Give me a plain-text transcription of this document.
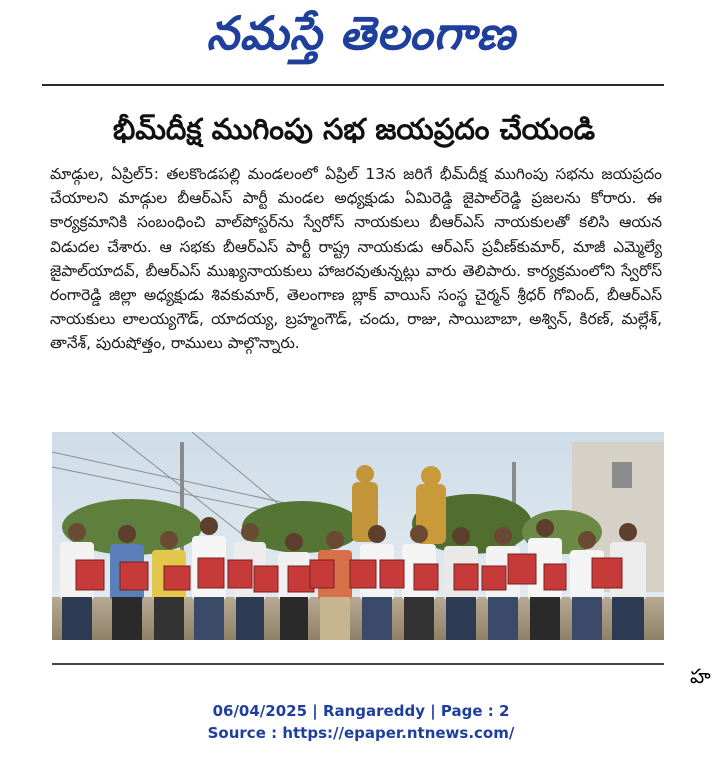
నమస్తే తెలంగాణ
భీమ్‌దీక్ష ముగింపు సభ జయప్రదం చేయండి
మాడ్గుల, ఏప్రిల్‌5: తలకొండపల్లి మండలంలో ఏప్రిల్‌ 13న జరిగే భీమ్‌దీక్ష ముగింపు సభను జయప్రదం చేయాలని మాడ్గుల బీఆర్‌ఎస్‌ పార్టీ మండల అధ్యక్షుడు ఏమిరెడ్డి జైపాల్‌రెడ్డి ప్రజలను కోరారు. ఈ కార్యక్రమానికి సంబంధించి వాల్‌పోస్టర్‌ను స్వేరోస్‌ నాయకులు బీఆర్‌ఎస్‌ నాయకులతో కలిసి ఆయన విడుదల చేశారు. ఆ సభకు బీఆర్‌ఎస్‌ పార్టీ రాష్ట్ర నాయకుడు ఆర్‌ఎస్‌ ప్రవీణ్‌కుమార్‌, మాజీ ఎమ్మెల్యే జైపాల్‌యాదవ్‌, బీఆర్‌ఎస్‌ ముఖ్యనాయకులు హాజరవుతున్నట్లు వారు తెలిపారు. కార్యక్రమంలోని స్వేరోస్‌ రంగారెడ్డి జిల్లా అధ్యక్షుడు శివకుమార్‌, తెలంగాణ బ్లాక్‌ వాయిస్‌ సంస్థ చైర్మన్‌ శ్రీధర్‌ గోవింద్‌, బీఆర్‌ఎస్‌ నాయకులు లాలయ్యగౌడ్‌, యాదయ్య, బ్రహ్మంగౌడ్‌, చందు, రాజు, సాయిబాబా, అశ్విన్‌, కిరణ్‌, మల్లేశ్‌, తానేశ్‌, పురుషోత్తం, రాములు పాల్గొన్నారు.
హ
06/04/2025 | Rangareddy | Page : 2
Source : https://epaper.ntnews.com/
